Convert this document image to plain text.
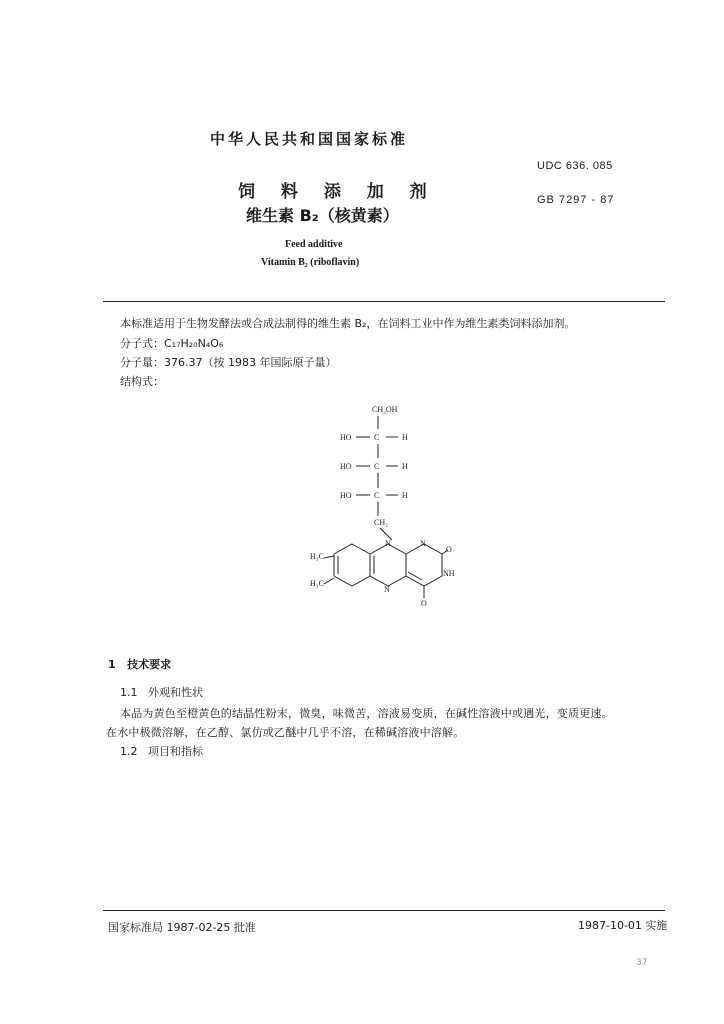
中华人民共和国国家标准
UDC 636. 085
饲 料 添 加 剂	GB 7297 - 87
维生素 B₂（核黄素）
Feed additive
Vitamin B₂ (riboflavin)
本标准适用于生物发酵法或合成法制得的维生素 B₂，在饲料工业中作为维生素类饲料添加剂。
分子式：C₁₇H₂₀N₄O₆
分子量：376.37（按 1983 年国际原子量）
结构式：
CH₂OH
HO	C	H
HO	C	H
HO	C	H
CH₂
N	N
O
NH
N
O
H₃C
H₃C
1 技术要求
1.1 外观和性状
本品为黄色至橙黄色的结晶性粉末，微臭，味微苦，溶液易变质，在碱性溶液中或遇光，变质更速。
在水中极微溶解，在乙醇、氯仿或乙醚中几乎不溶，在稀碱溶液中溶解。
1.2 项目和指标
国家标准局 1987-02-25 批准	1987-10-01 实施
37
